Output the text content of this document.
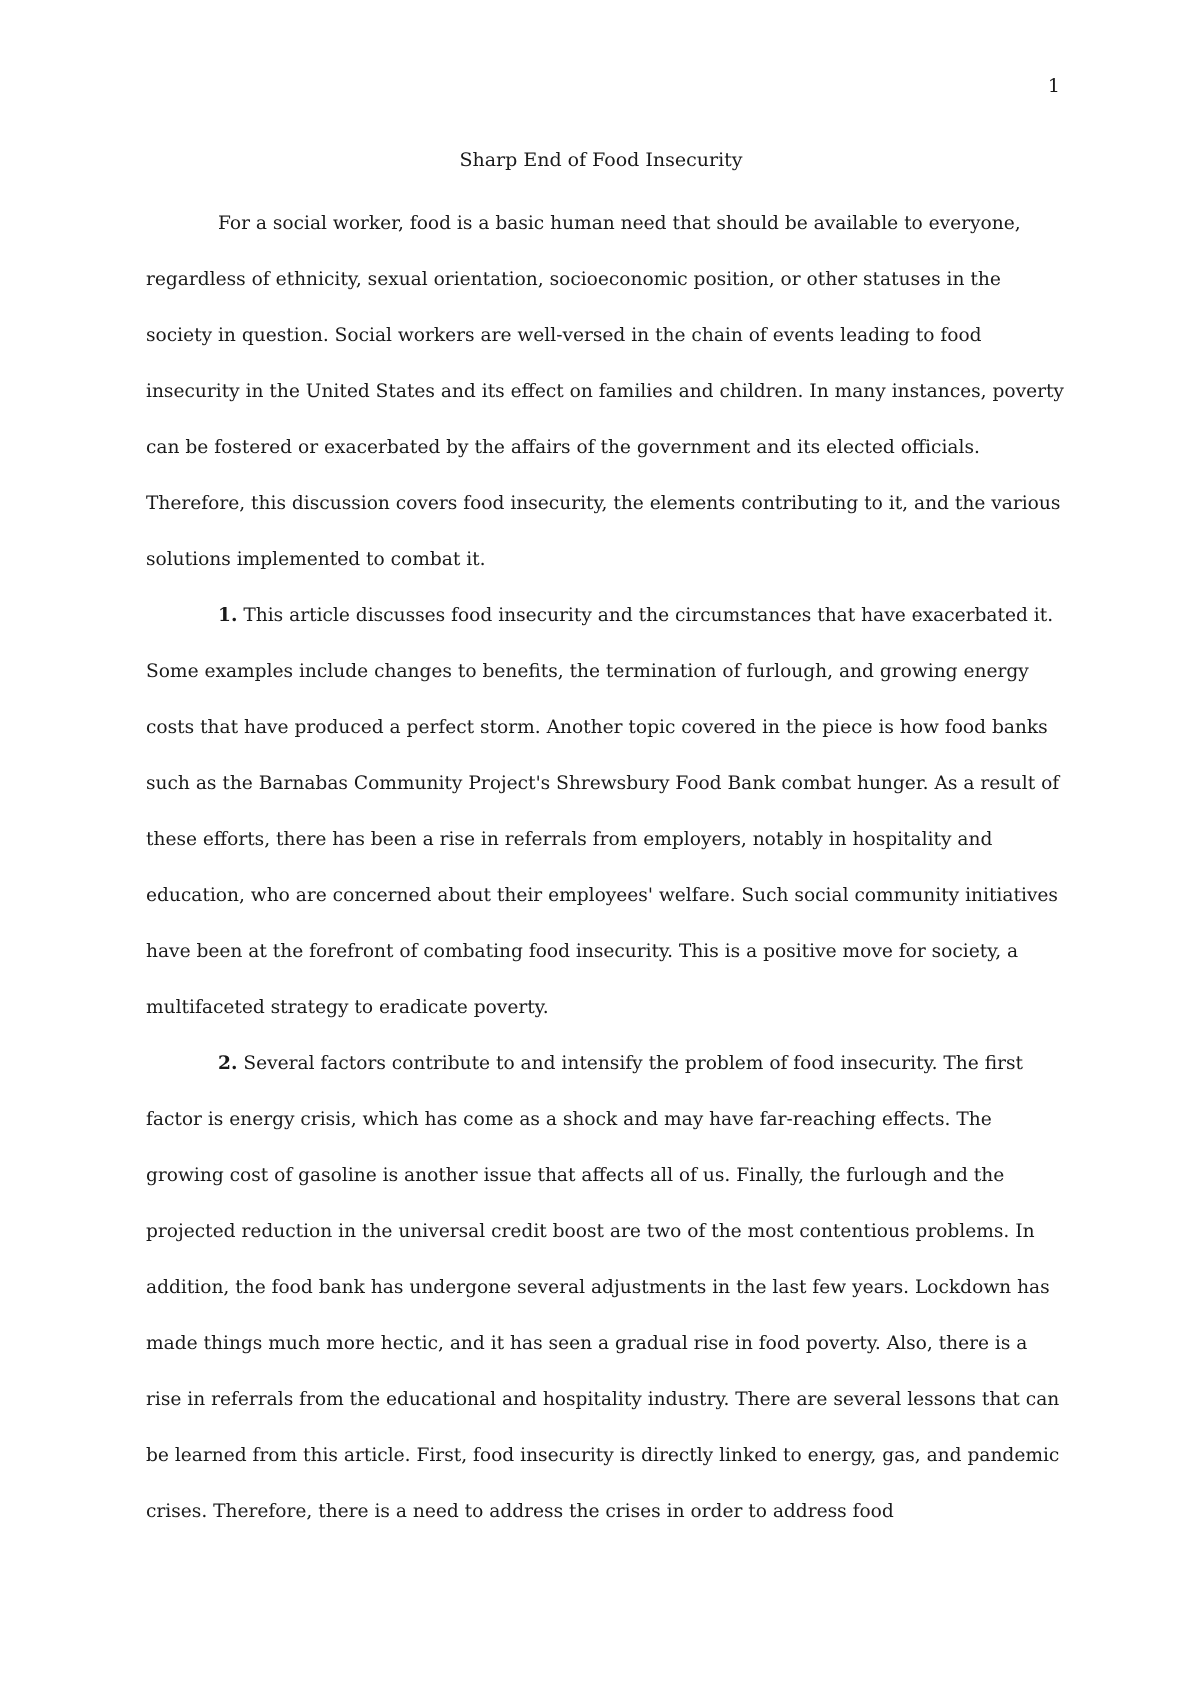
1
Sharp End of Food Insecurity

For a social worker, food is a basic human need that should be available to everyone, regardless of ethnicity, sexual orientation, socioeconomic position, or other statuses in the society in question. Social workers are well-versed in the chain of events leading to food insecurity in the United States and its effect on families and children. In many instances, poverty can be fostered or exacerbated by the affairs of the government and its elected officials. Therefore, this discussion covers food insecurity, the elements contributing to it, and the various solutions implemented to combat it.

1. This article discusses food insecurity and the circumstances that have exacerbated it. Some examples include changes to benefits, the termination of furlough, and growing energy costs that have produced a perfect storm. Another topic covered in the piece is how food banks such as the Barnabas Community Project's Shrewsbury Food Bank combat hunger. As a result of these efforts, there has been a rise in referrals from employers, notably in hospitality and education, who are concerned about their employees' welfare. Such social community initiatives have been at the forefront of combating food insecurity. This is a positive move for society, a multifaceted strategy to eradicate poverty.

2. Several factors contribute to and intensify the problem of food insecurity. The first factor is energy crisis, which has come as a shock and may have far-reaching effects. The growing cost of gasoline is another issue that affects all of us. Finally, the furlough and the projected reduction in the universal credit boost are two of the most contentious problems. In addition, the food bank has undergone several adjustments in the last few years. Lockdown has made things much more hectic, and it has seen a gradual rise in food poverty. Also, there is a rise in referrals from the educational and hospitality industry. There are several lessons that can be learned from this article. First, food insecurity is directly linked to energy, gas, and pandemic crises. Therefore, there is a need to address the crises in order to address food
